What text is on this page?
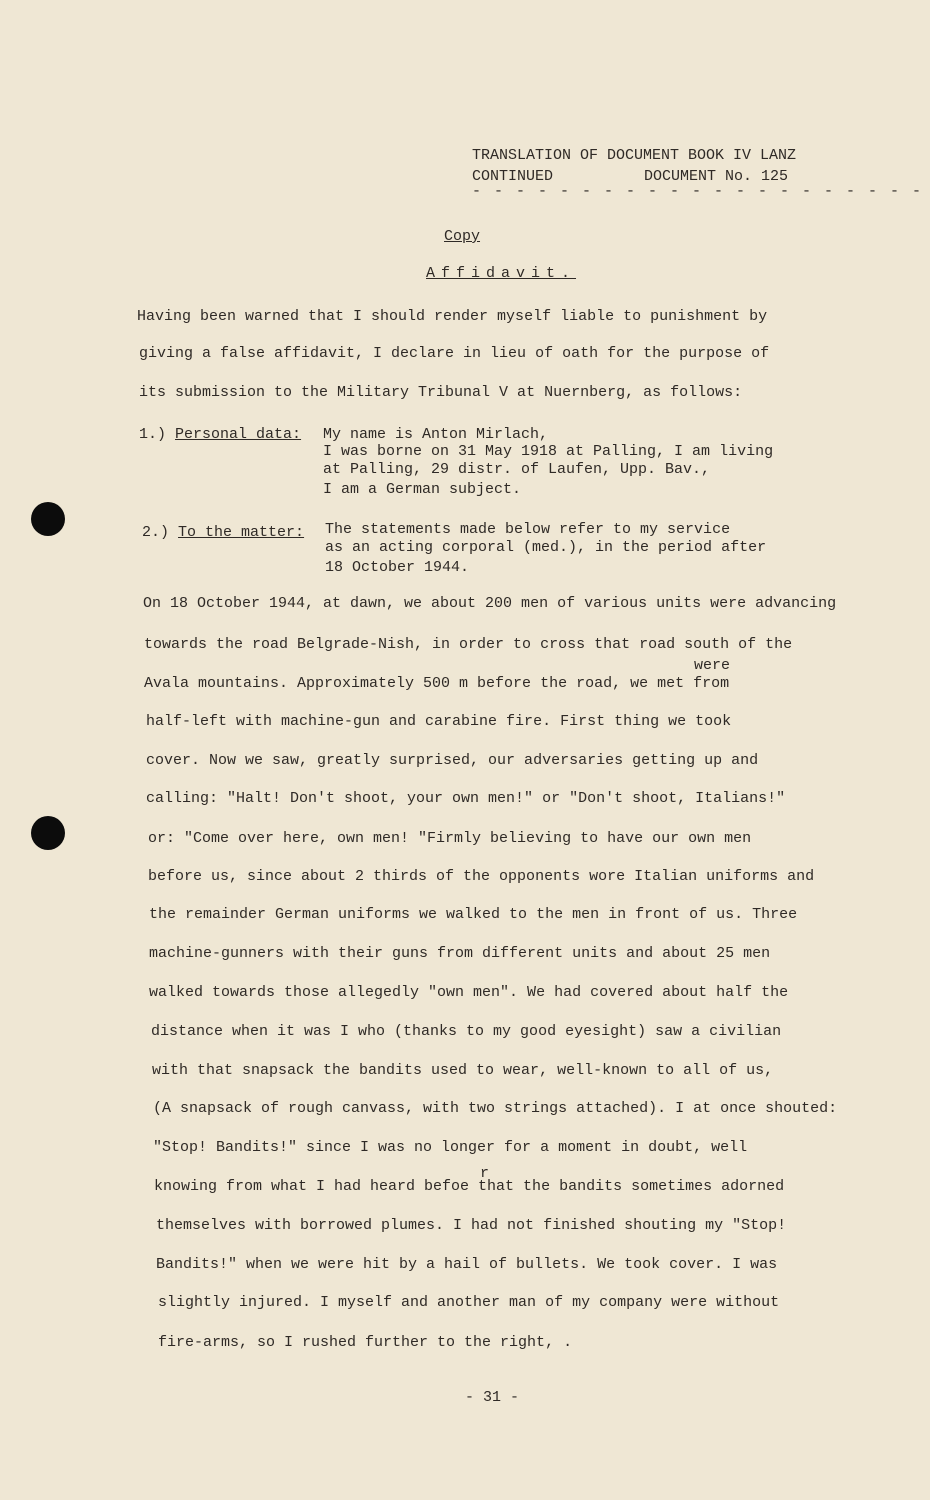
TRANSLATION OF DOCUMENT BOOK IV LANZ
CONTINUED	DOCUMENT No. 125
- - - - - - - - - - - - - - - - - - - - -
Copy
Affidavit.
Having been warned that I should render myself liable to punishment by
giving a false affidavit, I declare in lieu of oath for the purpose of
its submission to the Military Tribunal V at Nuernberg, as follows:
1.) Personal data: My name is Anton Mirlach,
I was borne on 31 May 1918 at Palling, I am living
at Palling, 29 distr. of Laufen, Upp. Bav.,
I am a German subject.
2.) To the matter: The statements made below refer to my service
as an acting corporal (med.), in the period after
18 October 1944.
On 18 October 1944, at dawn, we about 200 men of various units were advancing
towards the road Belgrade-Nish, in order to cross that road south of the
were
Avala mountains. Approximately 500 m before the road, we met from
half-left with machine-gun and carabine fire. First thing we took
cover. Now we saw, greatly surprised, our adversaries getting up and
calling: "Halt! Don't shoot, your own men!" or "Don't shoot, Italians!"
or: "Come over here, own men! "Firmly believing to have our own men
before us, since about 2 thirds of the opponents wore Italian uniforms and
the remainder German uniforms we walked to the men in front of us. Three
machine-gunners with their guns from different units and about 25 men
walked towards those allegedly "own men". We had covered about half the
distance when it was I who (thanks to my good eyesight) saw a civilian
with that snapsack the bandits used to wear, well-known to all of us,
(A snapsack of rough canvass, with two strings attached). I at once shouted:
"Stop! Bandits!" since I was no longer for a moment in doubt, well
r
knowing from what I had heard befoe that the bandits sometimes adorned
themselves with borrowed plumes. I had not finished shouting my "Stop!
Bandits!" when we were hit by a hail of bullets. We took cover. I was
slightly injured. I myself and another man of my company were without
fire-arms, so I rushed further to the right, .
- 31 -
